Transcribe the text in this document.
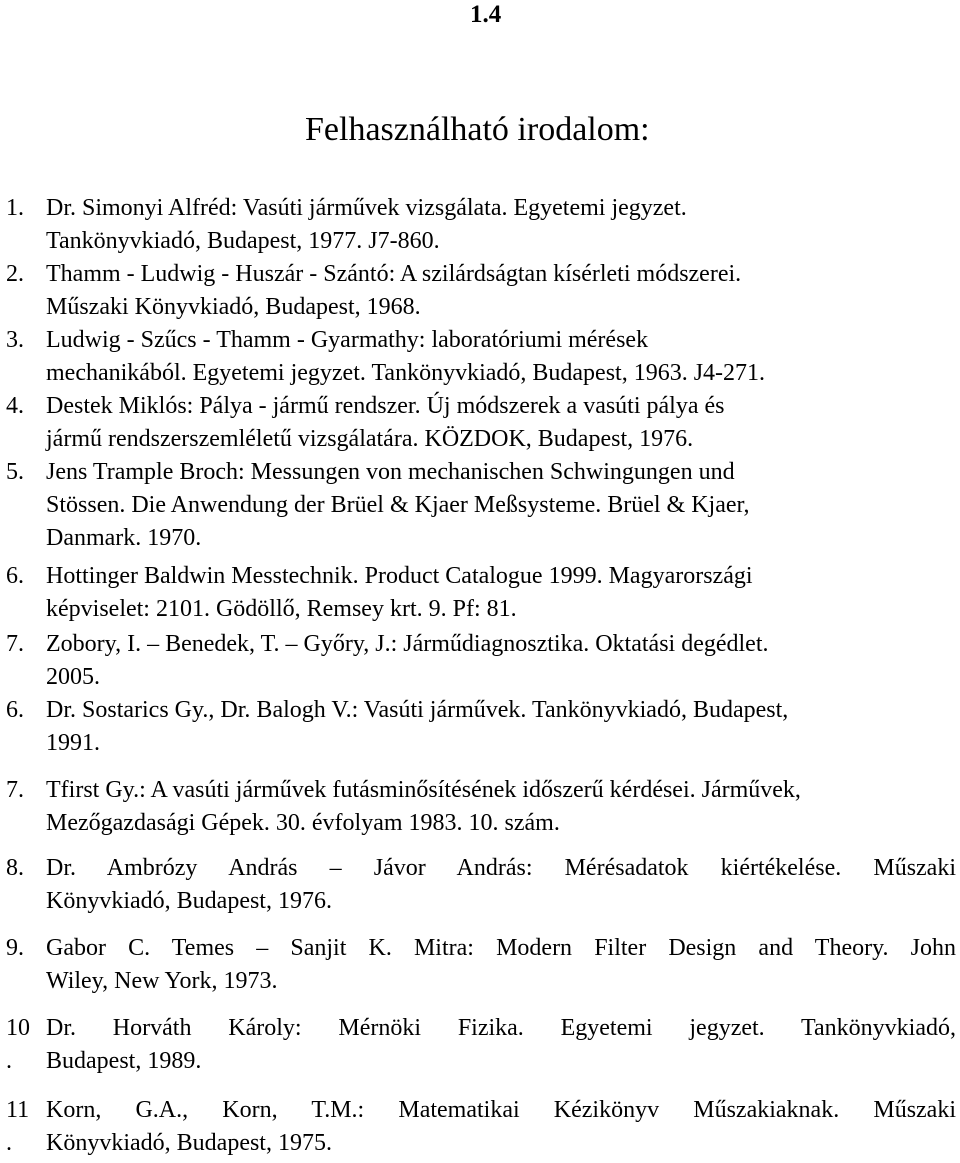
1.4
Felhasználható irodalom:
1. Dr. Simonyi Alfréd: Vasúti járművek vizsgálata. Egyetemi jegyzet.
Tankönyvkiadó, Budapest, 1977. J7-860.
2. Thamm - Ludwig - Huszár - Szántó: A szilárdságtan kísérleti módszerei.
Műszaki Könyvkiadó, Budapest, 1968.
3. Ludwig - Szűcs - Thamm - Gyarmathy: laboratóriumi mérések
mechanikából. Egyetemi jegyzet. Tankönyvkiadó, Budapest, 1963. J4-271.
4. Destek Miklós: Pálya - jármű rendszer. Új módszerek a vasúti pálya és
jármű rendszerszemléletű vizsgálatára. KÖZDOK, Budapest, 1976.
5. Jens Trample Broch: Messungen von mechanischen Schwingungen und
Stössen. Die Anwendung der Brüel & Kjaer Meßsysteme. Brüel & Kjaer,
Danmark. 1970.
6. Hottinger Baldwin Messtechnik. Product Catalogue 1999. Magyarországi
képviselet: 2101. Gödöllő, Remsey krt. 9. Pf: 81.
7. Zobory, I. – Benedek, T. – Győry, J.: Járműdiagnosztika. Oktatási degédlet.
2005.
6. Dr. Sostarics Gy., Dr. Balogh V.: Vasúti járművek. Tankönyvkiadó, Budapest,
1991.
7. Tfirst Gy.: A vasúti járművek futásminősítésének időszerű kérdései. Járművek,
Mezőgazdasági Gépek. 30. évfolyam 1983. 10. szám.
8. Dr. Ambrózy András – Jávor András: Mérésadatok kiértékelése. Műszaki
Könyvkiadó, Budapest, 1976.
9. Gabor C. Temes – Sanjit K. Mitra: Modern Filter Design and Theory. John
Wiley, New York, 1973.
10 Dr. Horváth Károly: Mérnöki Fizika. Egyetemi jegyzet. Tankönyvkiadó,
. Budapest, 1989.
11 Korn, G.A., Korn, T.M.: Matematikai Kézikönyv Műszakiaknak. Műszaki
. Könyvkiadó, Budapest, 1975.
